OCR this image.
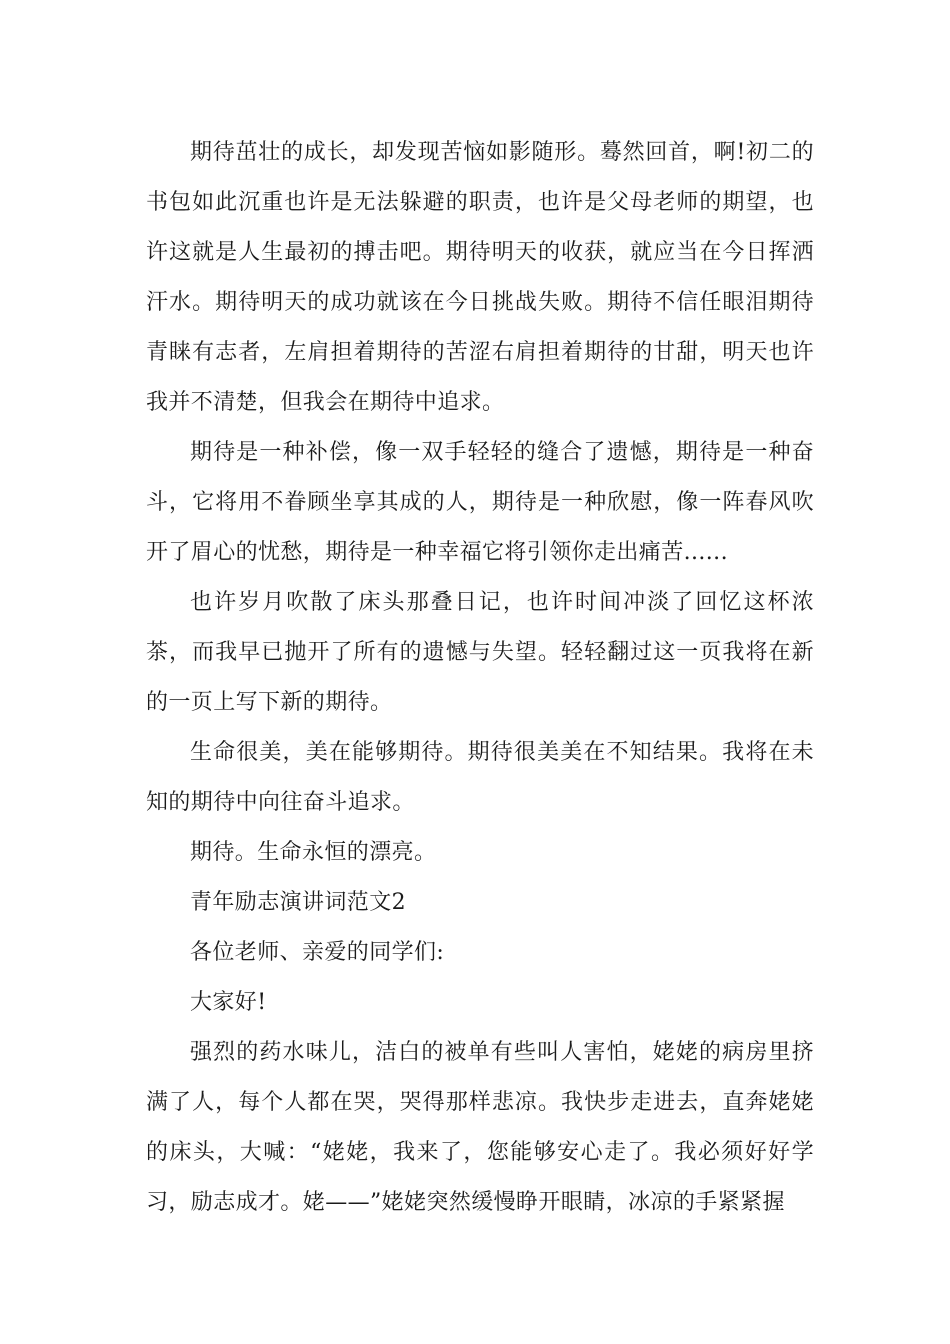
期待茁壮的成长，却发现苦恼如影随形。蓦然回首，啊!初二的书包如此沉重也许是无法躲避的职责，也许是父母老师的期望，也许这就是人生最初的搏击吧。期待明天的收获，就应当在今日挥洒汗水。期待明天的成功就该在今日挑战失败。期待不信任眼泪期待青睐有志者，左肩担着期待的苦涩右肩担着期待的甘甜，明天也许我并不清楚，但我会在期待中追求。

期待是一种补偿，像一双手轻轻的缝合了遗憾，期待是一种奋斗，它将用不眷顾坐享其成的人，期待是一种欣慰，像一阵春风吹开了眉心的忧愁，期待是一种幸福它将引领你走出痛苦......

也许岁月吹散了床头那叠日记，也许时间冲淡了回忆这杯浓茶，而我早已抛开了所有的遗憾与失望。轻轻翻过这一页我将在新的一页上写下新的期待。

生命很美，美在能够期待。期待很美美在不知结果。我将在未知的期待中向往奋斗追求。

期待。生命永恒的漂亮。

青年励志演讲词范文2

各位老师、亲爱的同学们:

大家好!

强烈的药水味儿，洁白的被单有些叫人害怕，姥姥的病房里挤满了人，每个人都在哭，哭得那样悲凉。我快步走进去，直奔姥姥的床头，大喊：“姥姥，我来了，您能够安心走了。我必须好好学习，励志成才。姥——”姥姥突然缓慢睁开眼睛，冰凉的手紧紧握
